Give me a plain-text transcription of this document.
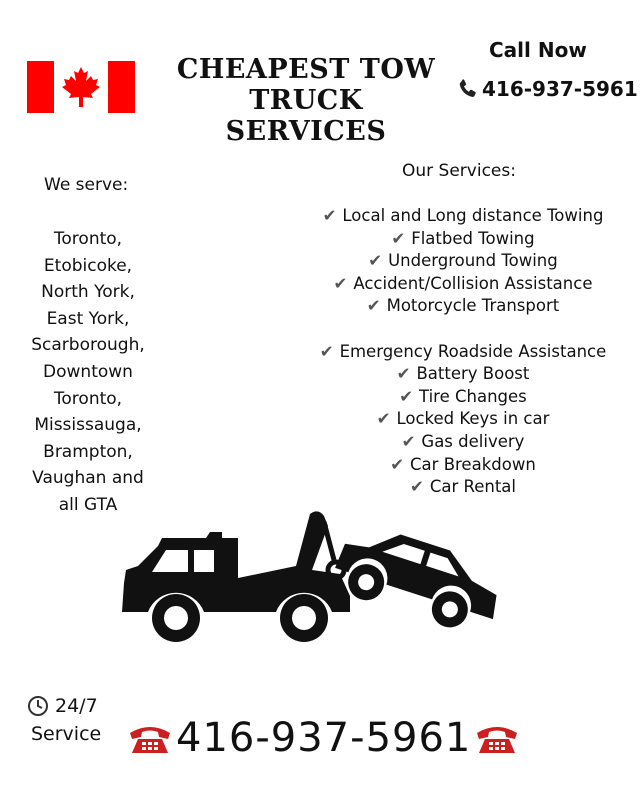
CHEAPEST TOW
TRUCK
SERVICES
Call Now
416-937-5961
We serve:
Toronto,
Etobicoke,
North York,
East York,
Scarborough,
Downtown
Toronto,
Mississauga,
Brampton,
Vaughan and
all GTA
Our Services:
✔ Local and Long distance Towing
✔ Flatbed Towing
✔ Underground Towing
✔ Accident/Collision Assistance
✔ Motorcycle Transport
✔ Emergency Roadside Assistance
✔ Battery Boost
✔ Tire Changes
✔ Locked Keys in car
✔ Gas delivery
✔ Car Breakdown
✔ Car Rental
24/7
Service 416-937-5961
